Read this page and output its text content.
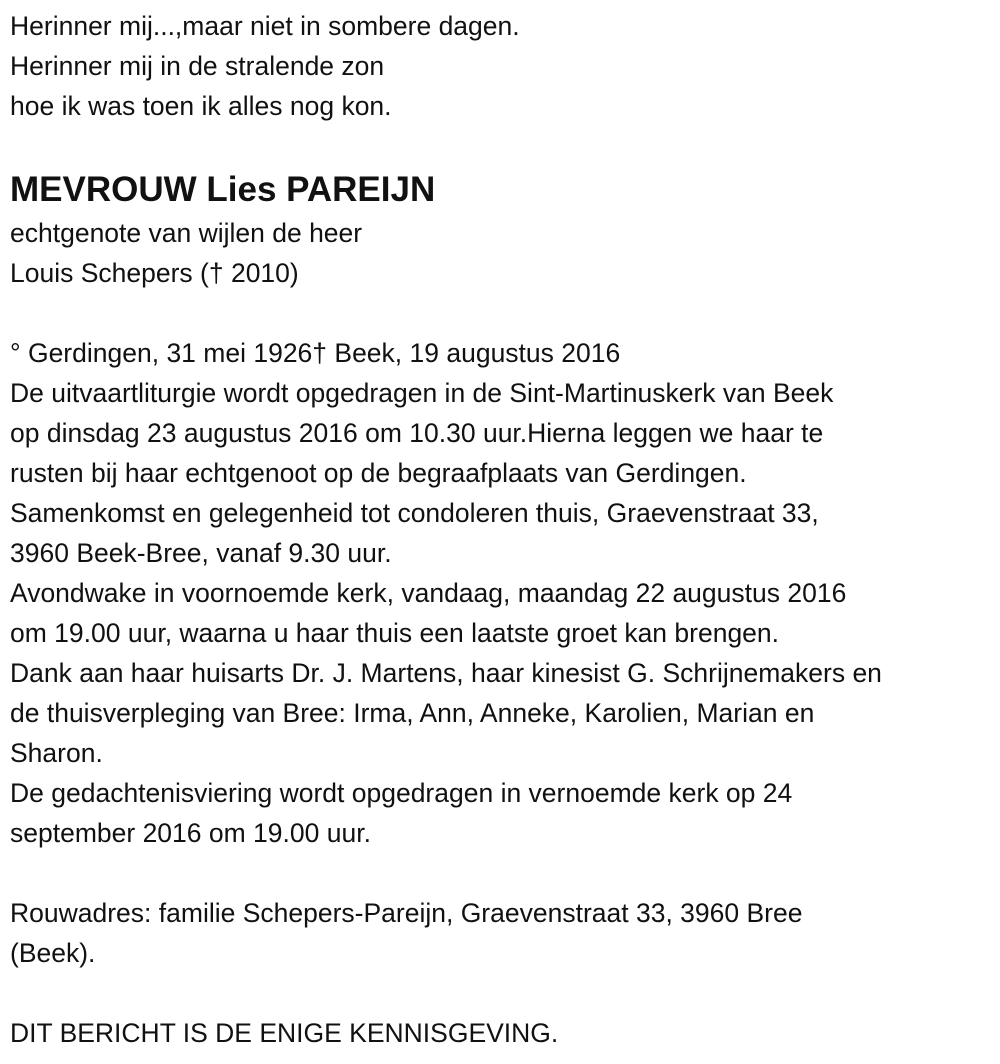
Herinner mij...,maar niet in sombere dagen.
Herinner mij in de stralende zon
hoe ik was toen ik alles nog kon.
MEVROUW Lies PAREIJN
echtgenote van wijlen de heer
Louis Schepers († 2010)
° Gerdingen, 31 mei 1926† Beek, 19 augustus 2016
De uitvaartliturgie wordt opgedragen in de Sint-Martinuskerk van Beek
op dinsdag 23 augustus 2016 om 10.30 uur.Hierna leggen we haar te
rusten bij haar echtgenoot op de begraafplaats van Gerdingen.
Samenkomst en gelegenheid tot condoleren thuis, Graevenstraat 33,
3960 Beek-Bree, vanaf 9.30 uur.
Avondwake in voornoemde kerk, vandaag, maandag 22 augustus 2016
om 19.00 uur, waarna u haar thuis een laatste groet kan brengen.
Dank aan haar huisarts Dr. J. Martens, haar kinesist G. Schrijnemakers en
de thuisverpleging van Bree: Irma, Ann, Anneke, Karolien, Marian en
Sharon.
De gedachtenisviering wordt opgedragen in vernoemde kerk op 24
september 2016 om 19.00 uur.
Rouwadres: familie Schepers-Pareijn, Graevenstraat 33, 3960 Bree
(Beek).
DIT BERICHT IS DE ENIGE KENNISGEVING.
